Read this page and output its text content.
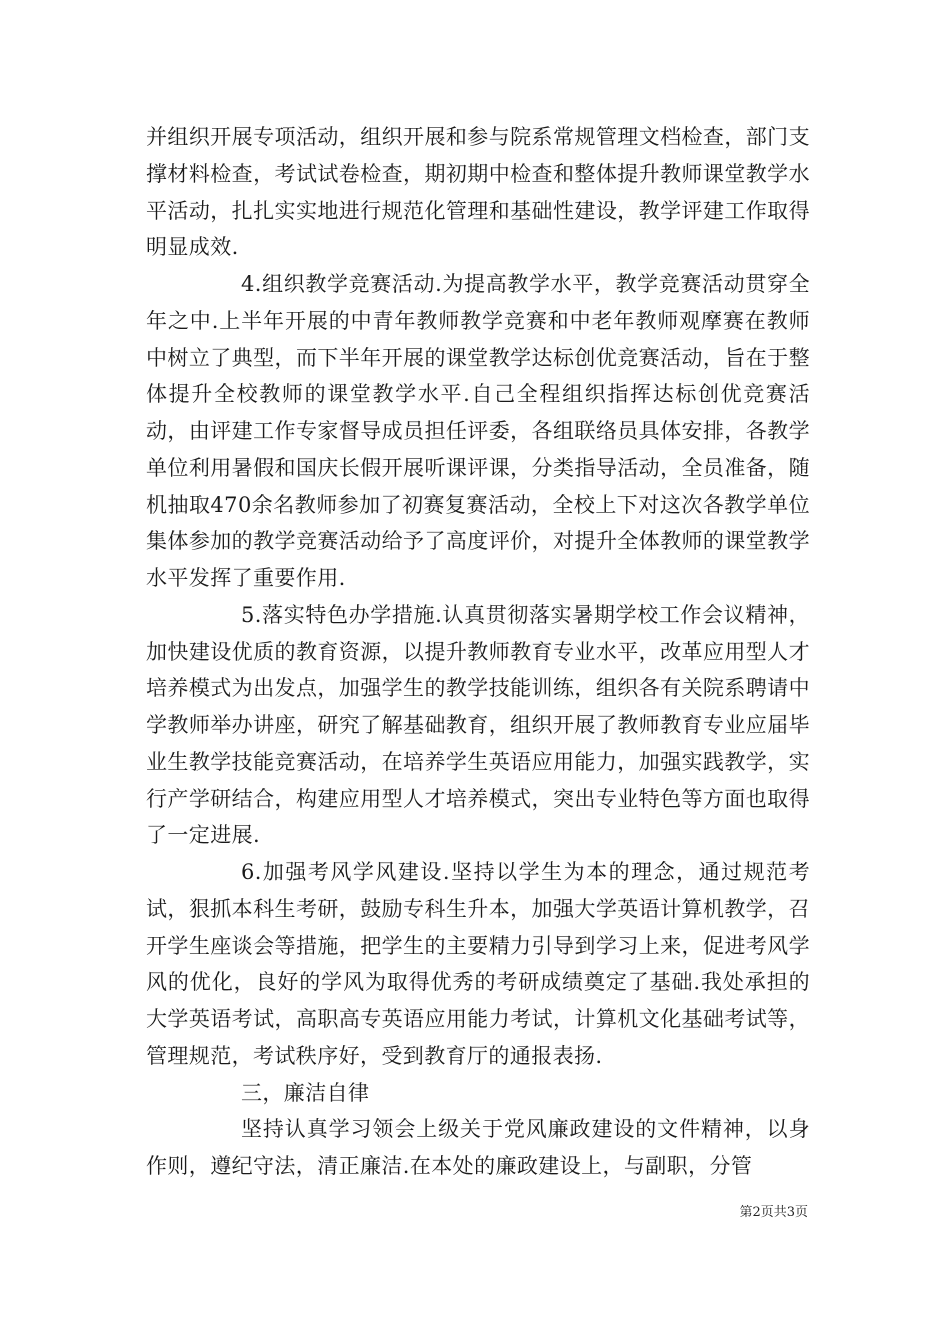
并组织开展专项活动，组织开展和参与院系常规管理文档检查，部门支撑材料检查，考试试卷检查，期初期中检查和整体提升教师课堂教学水平活动，扎扎实实地进行规范化管理和基础性建设，教学评建工作取得明显成效.

4.组织教学竞赛活动.为提高教学水平，教学竞赛活动贯穿全年之中.上半年开展的中青年教师教学竞赛和中老年教师观摩赛在教师中树立了典型，而下半年开展的课堂教学达标创优竞赛活动，旨在于整体提升全校教师的课堂教学水平.自己全程组织指挥达标创优竞赛活动，由评建工作专家督导成员担任评委，各组联络员具体安排，各教学单位利用暑假和国庆长假开展听课评课，分类指导活动，全员准备，随机抽取470余名教师参加了初赛复赛活动，全校上下对这次各教学单位集体参加的教学竞赛活动给予了高度评价，对提升全体教师的课堂教学水平发挥了重要作用.

5.落实特色办学措施.认真贯彻落实暑期学校工作会议精神，加快建设优质的教育资源，以提升教师教育专业水平，改革应用型人才培养模式为出发点，加强学生的教学技能训练，组织各有关院系聘请中学教师举办讲座，研究了解基础教育，组织开展了教师教育专业应届毕业生教学技能竞赛活动，在培养学生英语应用能力，加强实践教学，实行产学研结合，构建应用型人才培养模式，突出专业特色等方面也取得了一定进展.

6.加强考风学风建设.坚持以学生为本的理念，通过规范考试，狠抓本科生考研，鼓励专科生升本，加强大学英语计算机教学，召开学生座谈会等措施，把学生的主要精力引导到学习上来，促进考风学风的优化，良好的学风为取得优秀的考研成绩奠定了基础.我处承担的大学英语考试，高职高专英语应用能力考试，计算机文化基础考试等，管理规范，考试秩序好，受到教育厅的通报表扬.

三，廉洁自律

坚持认真学习领会上级关于党风廉政建设的文件精神，以身作则，遵纪守法，清正廉洁.在本处的廉政建设上，与副职，分管

第2页共3页
